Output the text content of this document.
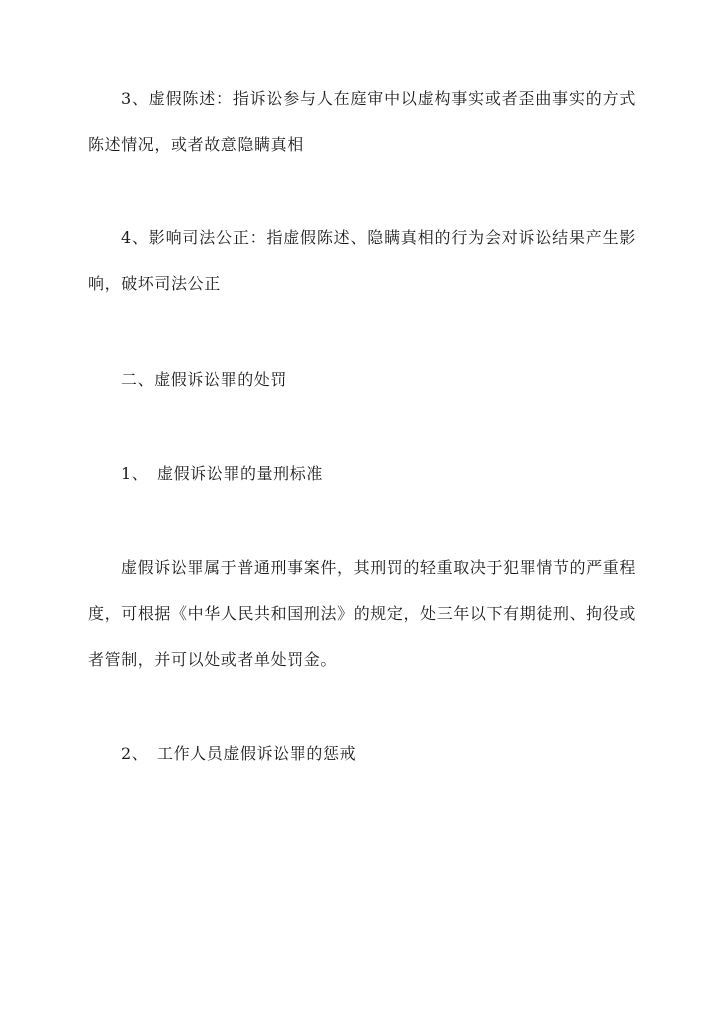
3、虚假陈述：指诉讼参与人在庭审中以虚构事实或者歪曲事实的方式陈述情况，或者故意隐瞒真相

4、影响司法公正：指虚假陈述、隐瞒真相的行为会对诉讼结果产生影响，破坏司法公正

二、虚假诉讼罪的处罚

1、　虚假诉讼罪的量刑标准

虚假诉讼罪属于普通刑事案件，其刑罚的轻重取决于犯罪情节的严重程度，可根据《中华人民共和国刑法》的规定，处三年以下有期徒刑、拘役或者管制，并可以处或者单处罚金。

2、　工作人员虚假诉讼罪的惩戒
